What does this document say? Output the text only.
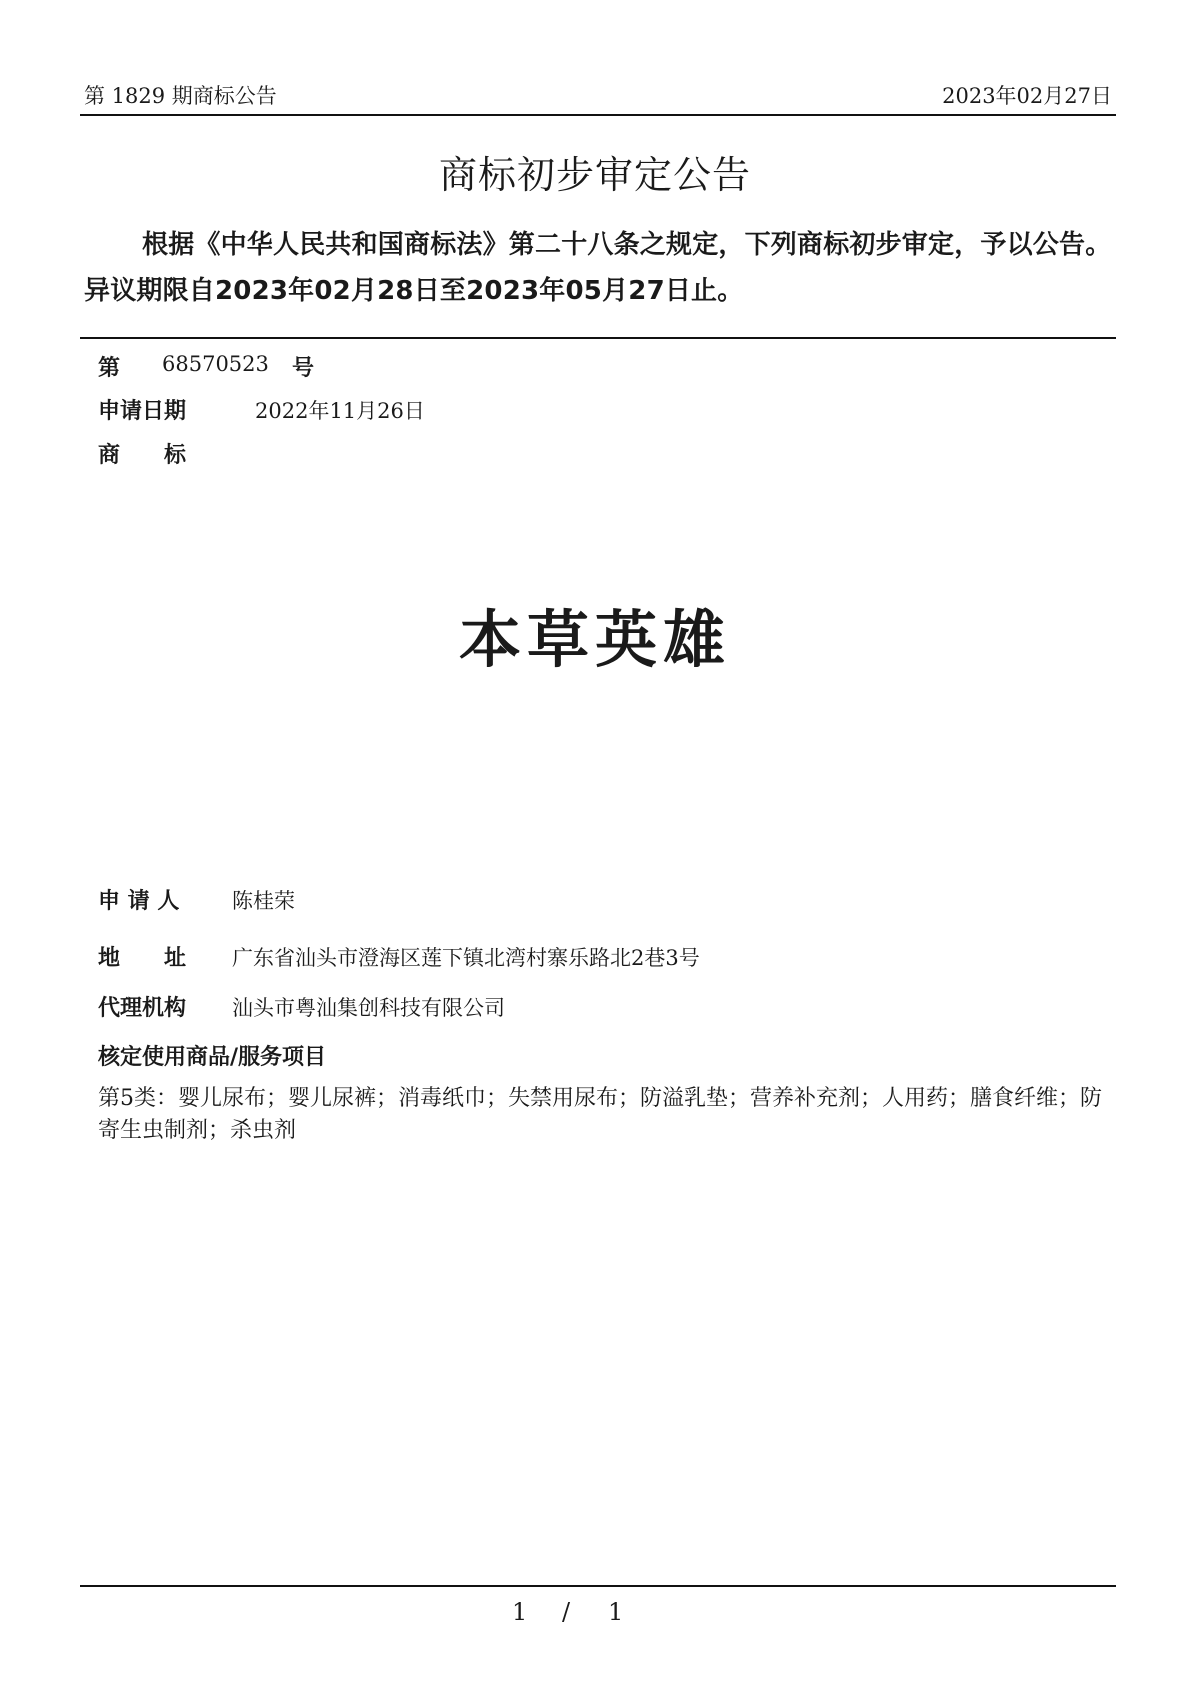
第 1829 期商标公告	2023年02月27日
商标初步审定公告
根据《中华人民共和国商标法》第二十八条之规定，下列商标初步审定，予以公告。异议期限自2023年02月28日至2023年05月27日止。
第 68570523 号
申请日期	2022年11月26日
商　　标
本草英雄
申 请 人	陈桂荣
地　　址 广东省汕头市澄海区莲下镇北湾村寨乐路北2巷3号
代理机构 汕头市粤汕集创科技有限公司
核定使用商品/服务项目
第5类：婴儿尿布；婴儿尿裤；消毒纸巾；失禁用尿布；防溢乳垫；营养补充剂；人用药；膳食纤维；防寄生虫制剂；杀虫剂
1 / 1
